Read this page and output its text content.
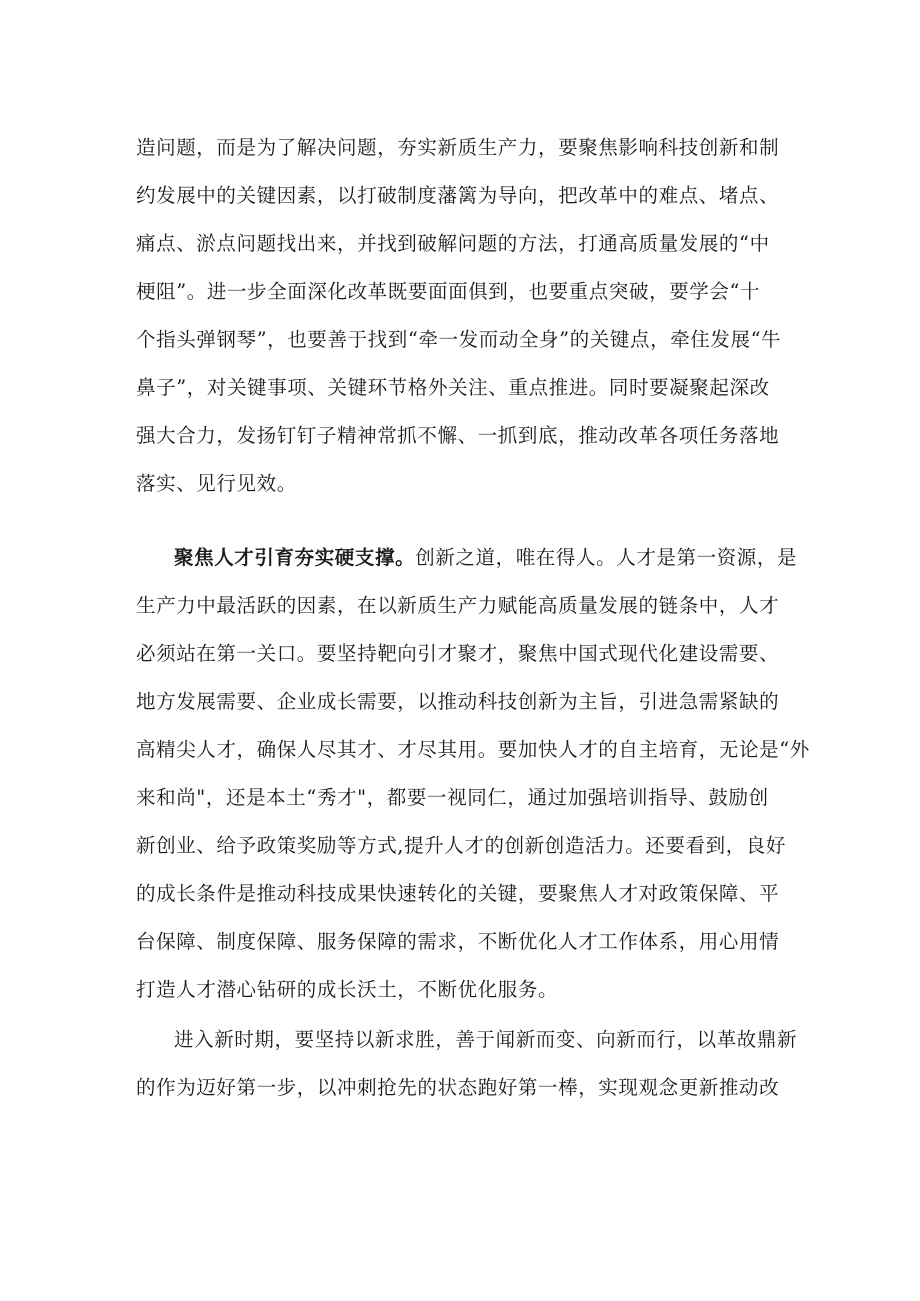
造问题，而是为了解决问题，夯实新质生产力，要聚焦影响科技创新和制
约发展中的关键因素，以打破制度藩篱为导向，把改革中的难点、堵点、
痛点、淤点问题找出来，并找到破解问题的方法，打通高质量发展的“中
梗阻”。进一步全面深化改革既要面面俱到，也要重点突破，要学会“十
个指头弹钢琴”，也要善于找到“牵一发而动全身”的关键点，牵住发展“牛
鼻子”，对关键事项、关键环节格外关注、重点推进。同时要凝聚起深改
强大合力，发扬钉钉子精神常抓不懈、一抓到底，推动改革各项任务落地
落实、见行见效。
聚焦人才引育夯实硬支撑。创新之道，唯在得人。人才是第一资源，是
生产力中最活跃的因素，在以新质生产力赋能高质量发展的链条中，人才
必须站在第一关口。要坚持靶向引才聚才，聚焦中国式现代化建设需要、
地方发展需要、企业成长需要，以推动科技创新为主旨，引进急需紧缺的
高精尖人才，确保人尽其才、才尽其用。要加快人才的自主培育，无论是“外
来和尚"，还是本土“秀才"，都要一视同仁，通过加强培训指导、鼓励创
新创业、给予政策奖励等方式,提升人才的创新创造活力。还要看到，良好
的成长条件是推动科技成果快速转化的关键，要聚焦人才对政策保障、平
台保障、制度保障、服务保障的需求，不断优化人才工作体系，用心用情
打造人才潜心钻研的成长沃土，不断优化服务。
进入新时期，要坚持以新求胜，善于闻新而变、向新而行，以革故鼎新
的作为迈好第一步，以冲刺抢先的状态跑好第一棒，实现观念更新推动改
